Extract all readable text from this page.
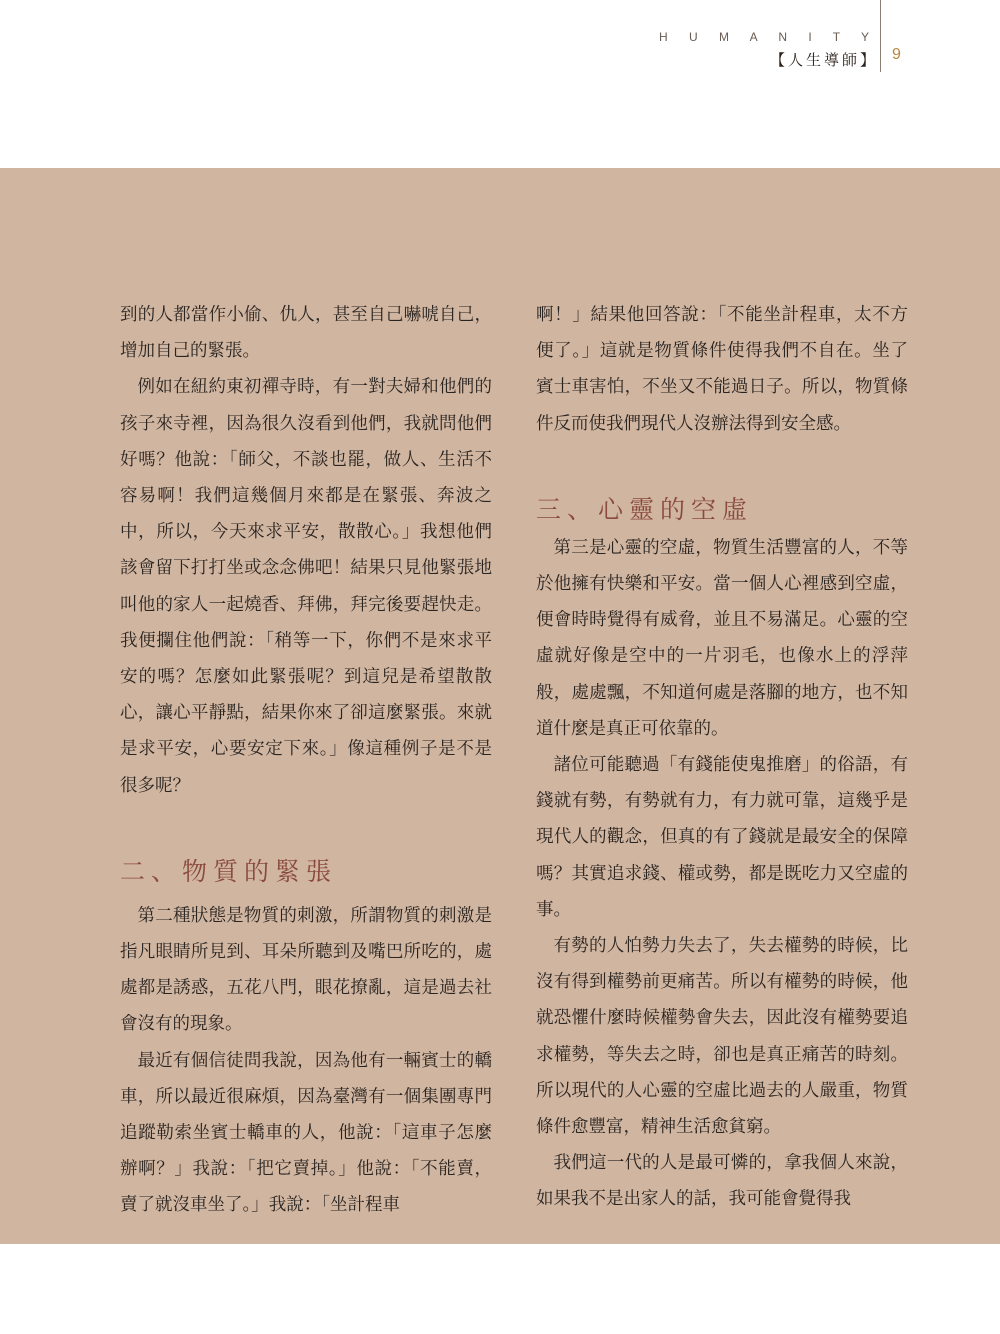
H U M A N I T Y
【人生導師】 9

到的人都當作小偷、仇人，甚至自己嚇唬自己，增加自己的緊張。

例如在紐約東初禪寺時，有一對夫婦和他們的孩子來寺裡，因為很久沒看到他們，我就問他們好嗎？他說：「師父，不談也罷，做人、生活不容易啊！我們這幾個月來都是在緊張、奔波之中，所以，今天來求平安，散散心。」我想他們該會留下打打坐或念念佛吧！結果只見他緊張地叫他的家人一起燒香、拜佛，拜完後要趕快走。我便攔住他們說：「稍等一下，你們不是來求平安的嗎？怎麼如此緊張呢？到這兒是希望散散心，讓心平靜點，結果你來了卻這麼緊張。來就是求平安，心要安定下來。」像這種例子是不是很多呢？

二、物質的緊張

第二種狀態是物質的刺激，所謂物質的刺激是指凡眼睛所見到、耳朵所聽到及嘴巴所吃的，處處都是誘惑，五花八門，眼花撩亂，這是過去社會沒有的現象。

最近有個信徒問我說，因為他有一輛賓士的轎車，所以最近很麻煩，因為臺灣有一個集團專門追蹤勒索坐賓士轎車的人，他說：「這車子怎麼辦啊？」我說：「把它賣掉。」他說：「不能賣，賣了就沒車坐了。」我說：「坐計程車

啊！」結果他回答說：「不能坐計程車，太不方便了。」這就是物質條件使得我們不自在。坐了賓士車害怕，不坐又不能過日子。所以，物質條件反而使我們現代人沒辦法得到安全感。

三、心靈的空虛

第三是心靈的空虛，物質生活豐富的人，不等於他擁有快樂和平安。當一個人心裡感到空虛，便會時時覺得有威脅，並且不易滿足。心靈的空虛就好像是空中的一片羽毛，也像水上的浮萍般，處處飄，不知道何處是落腳的地方，也不知道什麼是真正可依靠的。

諸位可能聽過「有錢能使鬼推磨」的俗語，有錢就有勢，有勢就有力，有力就可靠，這幾乎是現代人的觀念，但真的有了錢就是最安全的保障嗎？其實追求錢、權或勢，都是既吃力又空虛的事。

有勢的人怕勢力失去了，失去權勢的時候，比沒有得到權勢前更痛苦。所以有權勢的時候，他就恐懼什麼時候權勢會失去，因此沒有權勢要追求權勢，等失去之時，卻也是真正痛苦的時刻。所以現代的人心靈的空虛比過去的人嚴重，物質條件愈豐富，精神生活愈貧窮。

我們這一代的人是最可憐的，拿我個人來說，如果我不是出家人的話，我可能會覺得我
